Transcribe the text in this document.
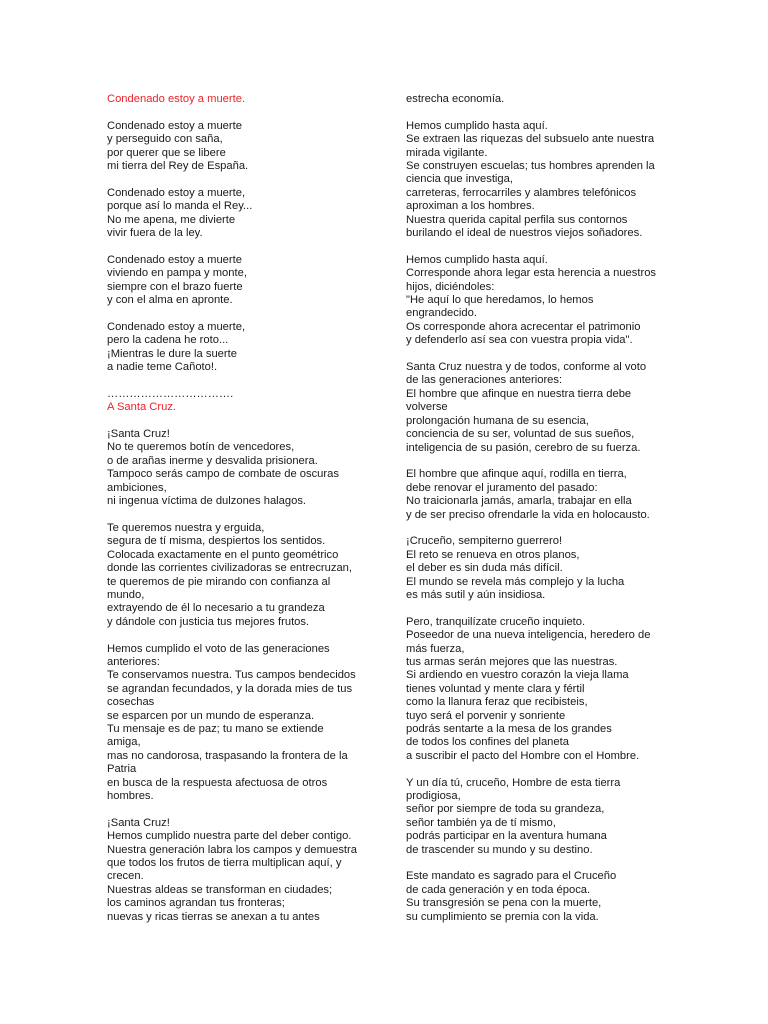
Condenado estoy a muerte.
Condenado estoy a muerte
y perseguido con saña,
por querer que se libere
mi tierra del Rey de España.
Condenado estoy a muerte,
porque así lo manda el Rey...
No me apena, me divierte
vivir fuera de la ley.
Condenado estoy a muerte
viviendo en pampa y monte,
siempre con el brazo fuerte
y con el alma en apronte.
Condenado estoy a muerte,
pero la cadena he roto...
¡Mientras le dure la suerte
a nadie teme Cañoto!.
…………………………….
A Santa Cruz.
¡Santa Cruz!
No te queremos botín de vencedores,
o de arañas inerme y desvalida prisionera.
Tampoco serás campo de combate de oscuras
ambiciones,
ni ingenua víctima de dulzones halagos.
Te queremos nuestra y erguida,
segura de tí misma, despiertos los sentidos.
Colocada exactamente en el punto geométrico
donde las corrientes civilizadoras se entrecruzan,
te queremos de pie mirando con confianza al
mundo,
extrayendo de él lo necesario a tu grandeza
y dándole con justicia tus mejores frutos.
Hemos cumplido el voto de las generaciones
anteriores:
Te conservamos nuestra. Tus campos bendecidos
se agrandan fecundados, y la dorada mies de tus
cosechas
se esparcen por un mundo de esperanza.
Tu mensaje es de paz; tu mano se extiende
amiga,
mas no candorosa, traspasando la frontera de la
Patria
en busca de la respuesta afectuosa de otros
hombres.
¡Santa Cruz!
Hemos cumplido nuestra parte del deber contigo.
Nuestra generación labra los campos y demuestra
que todos los frutos de tierra multiplican aquí, y
crecen.
Nuestras aldeas se transforman en ciudades;
los caminos agrandan tus fronteras;
nuevas y ricas tierras se anexan a tu antes
estrecha economía.
Hemos cumplido hasta aquí.
Se extraen las riquezas del subsuelo ante nuestra
mirada vigilante.
Se construyen escuelas; tus hombres aprenden la
ciencia que investiga,
carreteras, ferrocarriles y alambres telefónicos
aproximan a los hombres.
Nuestra querida capital perfila sus contornos
burilando el ideal de nuestros viejos soñadores.
Hemos cumplido hasta aquí.
Corresponde ahora legar esta herencia a nuestros
hijos, diciéndoles:
"He aquí lo que heredamos, lo hemos
engrandecido.
Os corresponde ahora acrecentar el patrimonio
y defenderlo así sea con vuestra propia vida".
Santa Cruz nuestra y de todos, conforme al voto
de las generaciones anteriores:
El hombre que afinque en nuestra tierra debe
volverse
prolongación humana de su esencia,
conciencia de su ser, voluntad de sus sueños,
inteligencia de su pasión, cerebro de su fuerza.
El hombre que afinque aquí, rodilla en tierra,
debe renovar el juramento del pasado:
No traicionarla jamás, amarla, trabajar en ella
y de ser preciso ofrendarle la vida en holocausto.
¡Cruceño, sempiterno guerrero!
El reto se renueva en otros planos,
el deber es sin duda más difícil.
El mundo se revela más complejo y la lucha
es más sutil y aún insidiosa.
Pero, tranquilízate cruceño inquieto.
Poseedor de una nueva inteligencia, heredero de
más fuerza,
tus armas serán mejores que las nuestras.
Si ardiendo en vuestro corazón la vieja llama
tienes voluntad y mente clara y fértil
como la llanura feraz que recibisteis,
tuyo será el porvenir y sonriente
podrás sentarte a la mesa de los grandes
de todos los confines del planeta
a suscribir el pacto del Hombre con el Hombre.
Y un día tú, cruceño, Hombre de esta tierra
prodigiosa,
señor por siempre de toda su grandeza,
señor también ya de tí mismo,
podrás participar en la aventura humana
de trascender su mundo y su destino.
Este mandato es sagrado para el Cruceño
de cada generación y en toda época.
Su transgresión se pena con la muerte,
su cumplimiento se premia con la vida.
